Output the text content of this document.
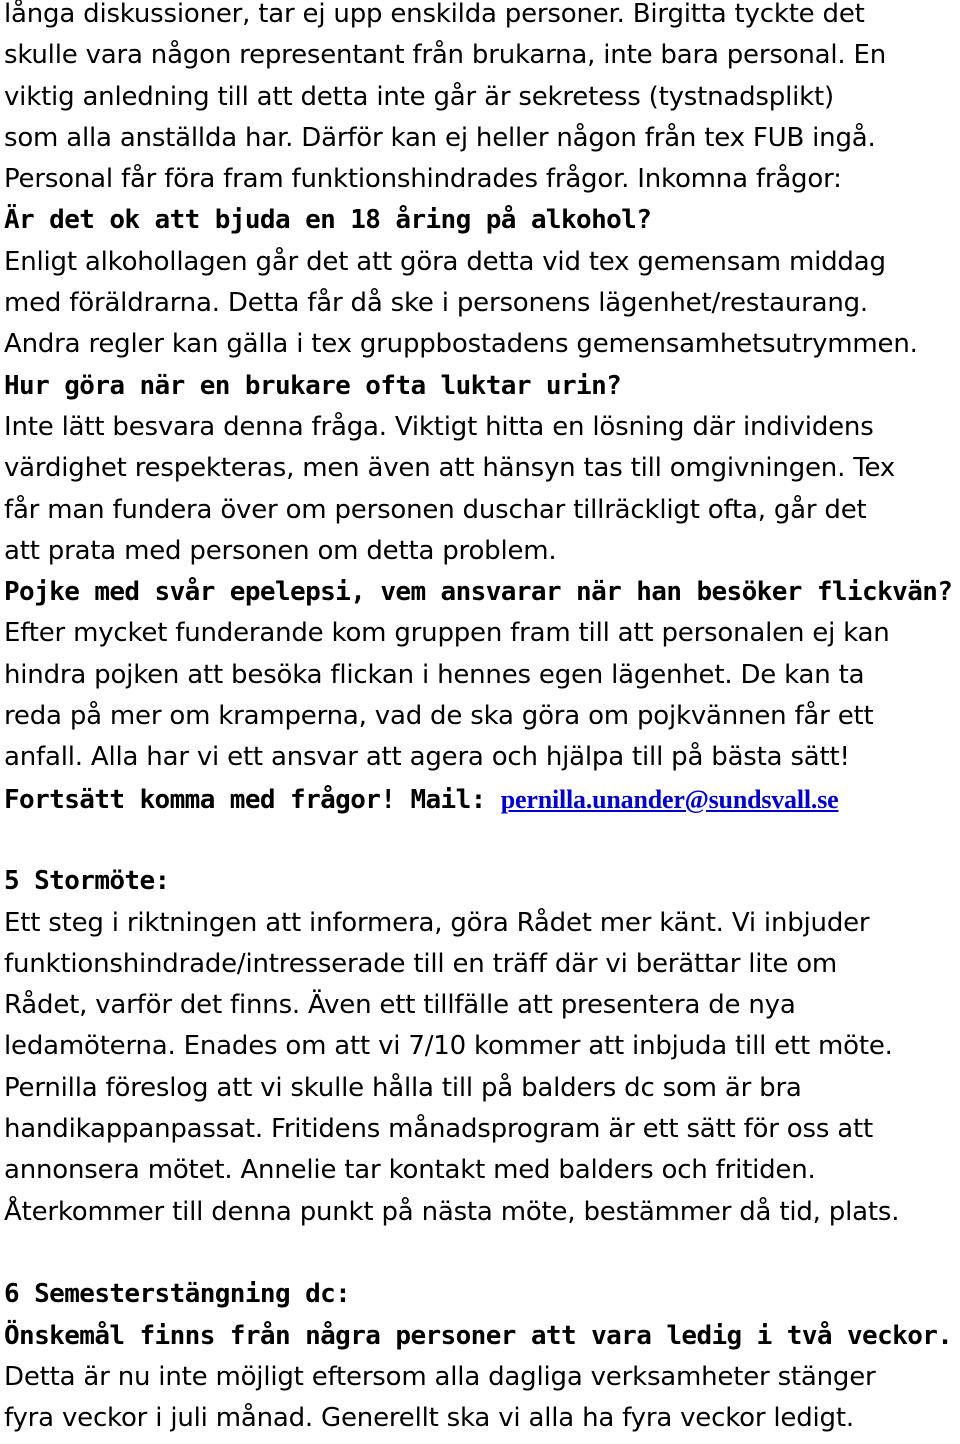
långa diskussioner, tar ej upp enskilda personer. Birgitta tyckte det
skulle vara någon representant från brukarna, inte bara personal. En
viktig anledning till att detta inte går är sekretess (tystnadsplikt)
som alla anställda har. Därför kan ej heller någon från tex FUB ingå.
Personal får föra fram funktionshindrades frågor. Inkomna frågor:
Är det ok att bjuda en 18 åring på alkohol?
Enligt alkohollagen går det att göra detta vid tex gemensam middag
med föräldrarna. Detta får då ske i personens lägenhet/restaurang.
Andra regler kan gälla i tex gruppbostadens gemensamhetsutrymmen.
Hur göra när en brukare ofta luktar urin?
Inte lätt besvara denna fråga. Viktigt hitta en lösning där individens
värdighet respekteras, men även att hänsyn tas till omgivningen. Tex
får man fundera över om personen duschar tillräckligt ofta, går det
att prata med personen om detta problem.
Pojke med svår epelepsi, vem ansvarar när han besöker flickvän?
Efter mycket funderande kom gruppen fram till att personalen ej kan
hindra pojken att besöka flickan i hennes egen lägenhet. De kan ta
reda på mer om kramperna, vad de ska göra om pojkvännen får ett
anfall. Alla har vi ett ansvar att agera och hjälpa till på bästa sätt!
Fortsätt komma med frågor! Mail: pernilla.unander@sundsvall.se
5 Stormöte:
Ett steg i riktningen att informera, göra Rådet mer känt. Vi inbjuder
funktionshindrade/intresserade till en träff där vi berättar lite om
Rådet, varför det finns. Även ett tillfälle att presentera de nya
ledamöterna. Enades om att vi 7/10 kommer att inbjuda till ett möte.
Pernilla föreslog att vi skulle hålla till på balders dc som är bra
handikappanpassat. Fritidens månadsprogram är ett sätt för oss att
annonsera mötet. Annelie tar kontakt med balders och fritiden.
Återkommer till denna punkt på nästa möte, bestämmer då tid, plats.
6 Semesterstängning dc:
Önskemål finns från några personer att vara ledig i två veckor.
Detta är nu inte möjligt eftersom alla dagliga verksamheter stänger
fyra veckor i juli månad. Generellt ska vi alla ha fyra veckor ledigt.
